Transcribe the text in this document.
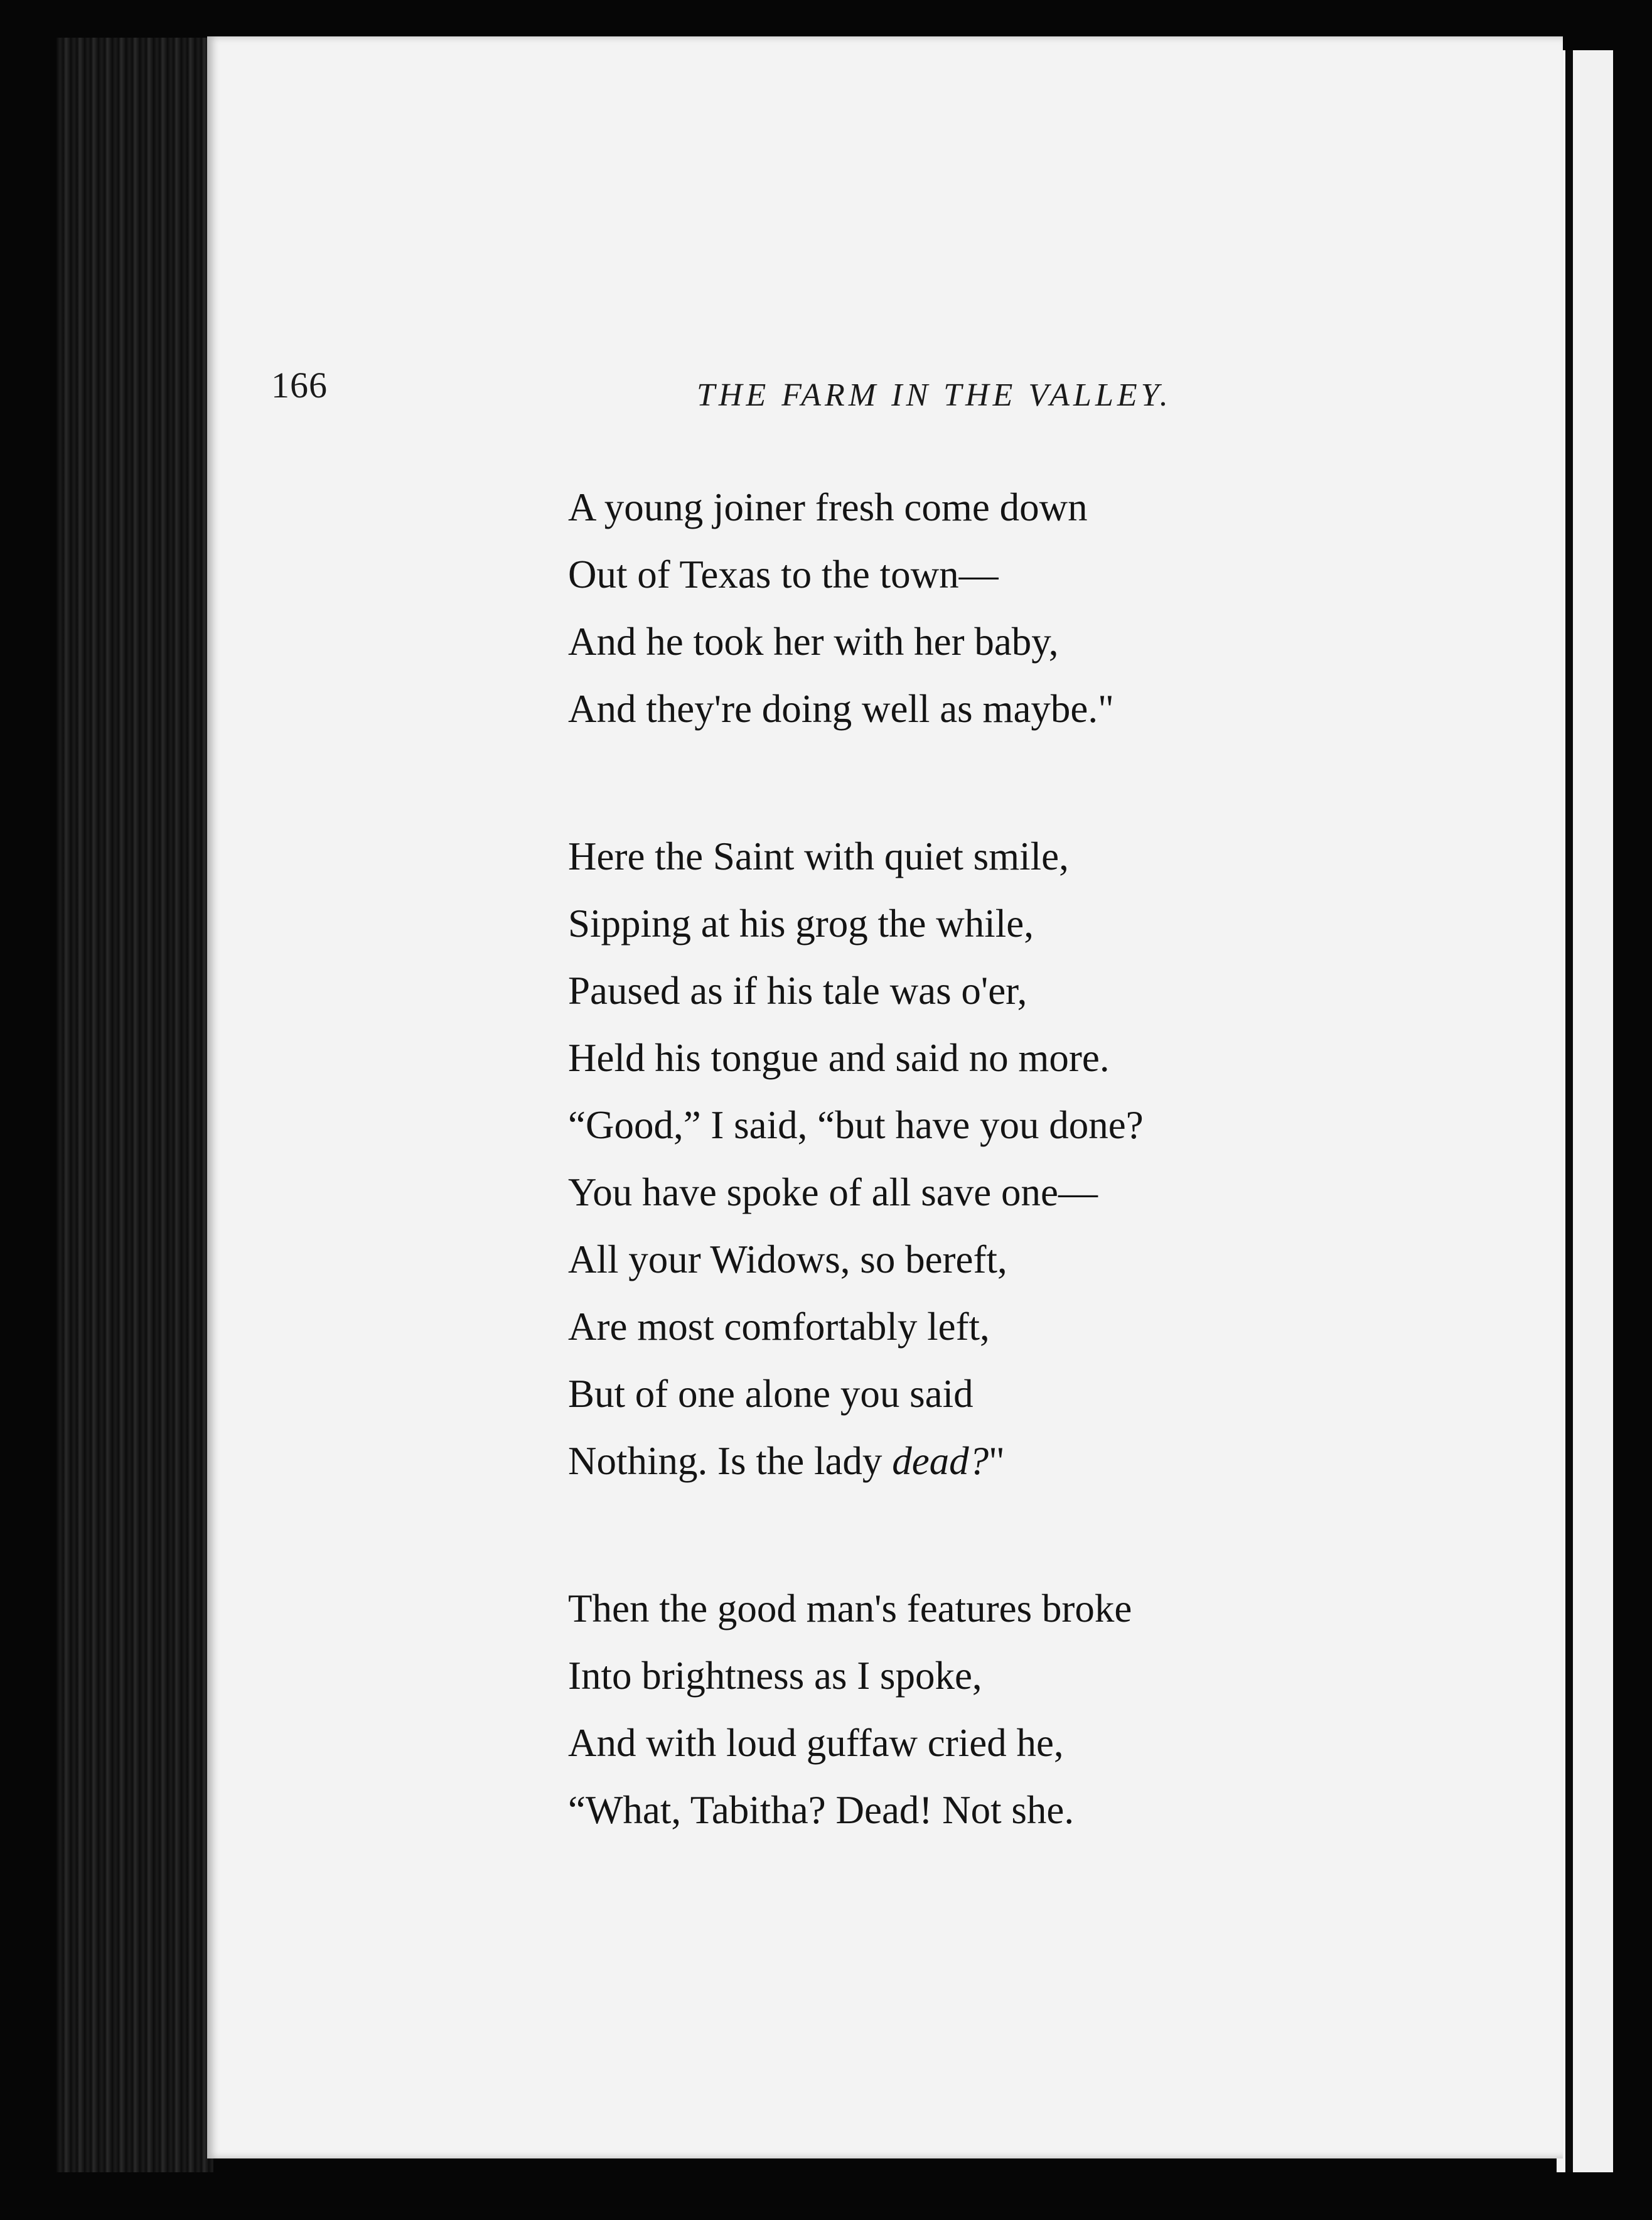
166	THE FARM IN THE VALLEY.
A young joiner fresh come down
Out of Texas to the town—
And he took her with her baby,
And they're doing well as maybe."
Here the Saint with quiet smile,
Sipping at his grog the while,
Paused as if his tale was o'er,
Held his tongue and said no more.
“Good,” I said, “but have you done?
You have spoke of all save one—
All your Widows, so bereft,
Are most comfortably left,
But of one alone you said
Nothing. Is the lady dead?"
Then the good man's features broke
Into brightness as I spoke,
And with loud guffaw cried he,
“What, Tabitha? Dead! Not she.
